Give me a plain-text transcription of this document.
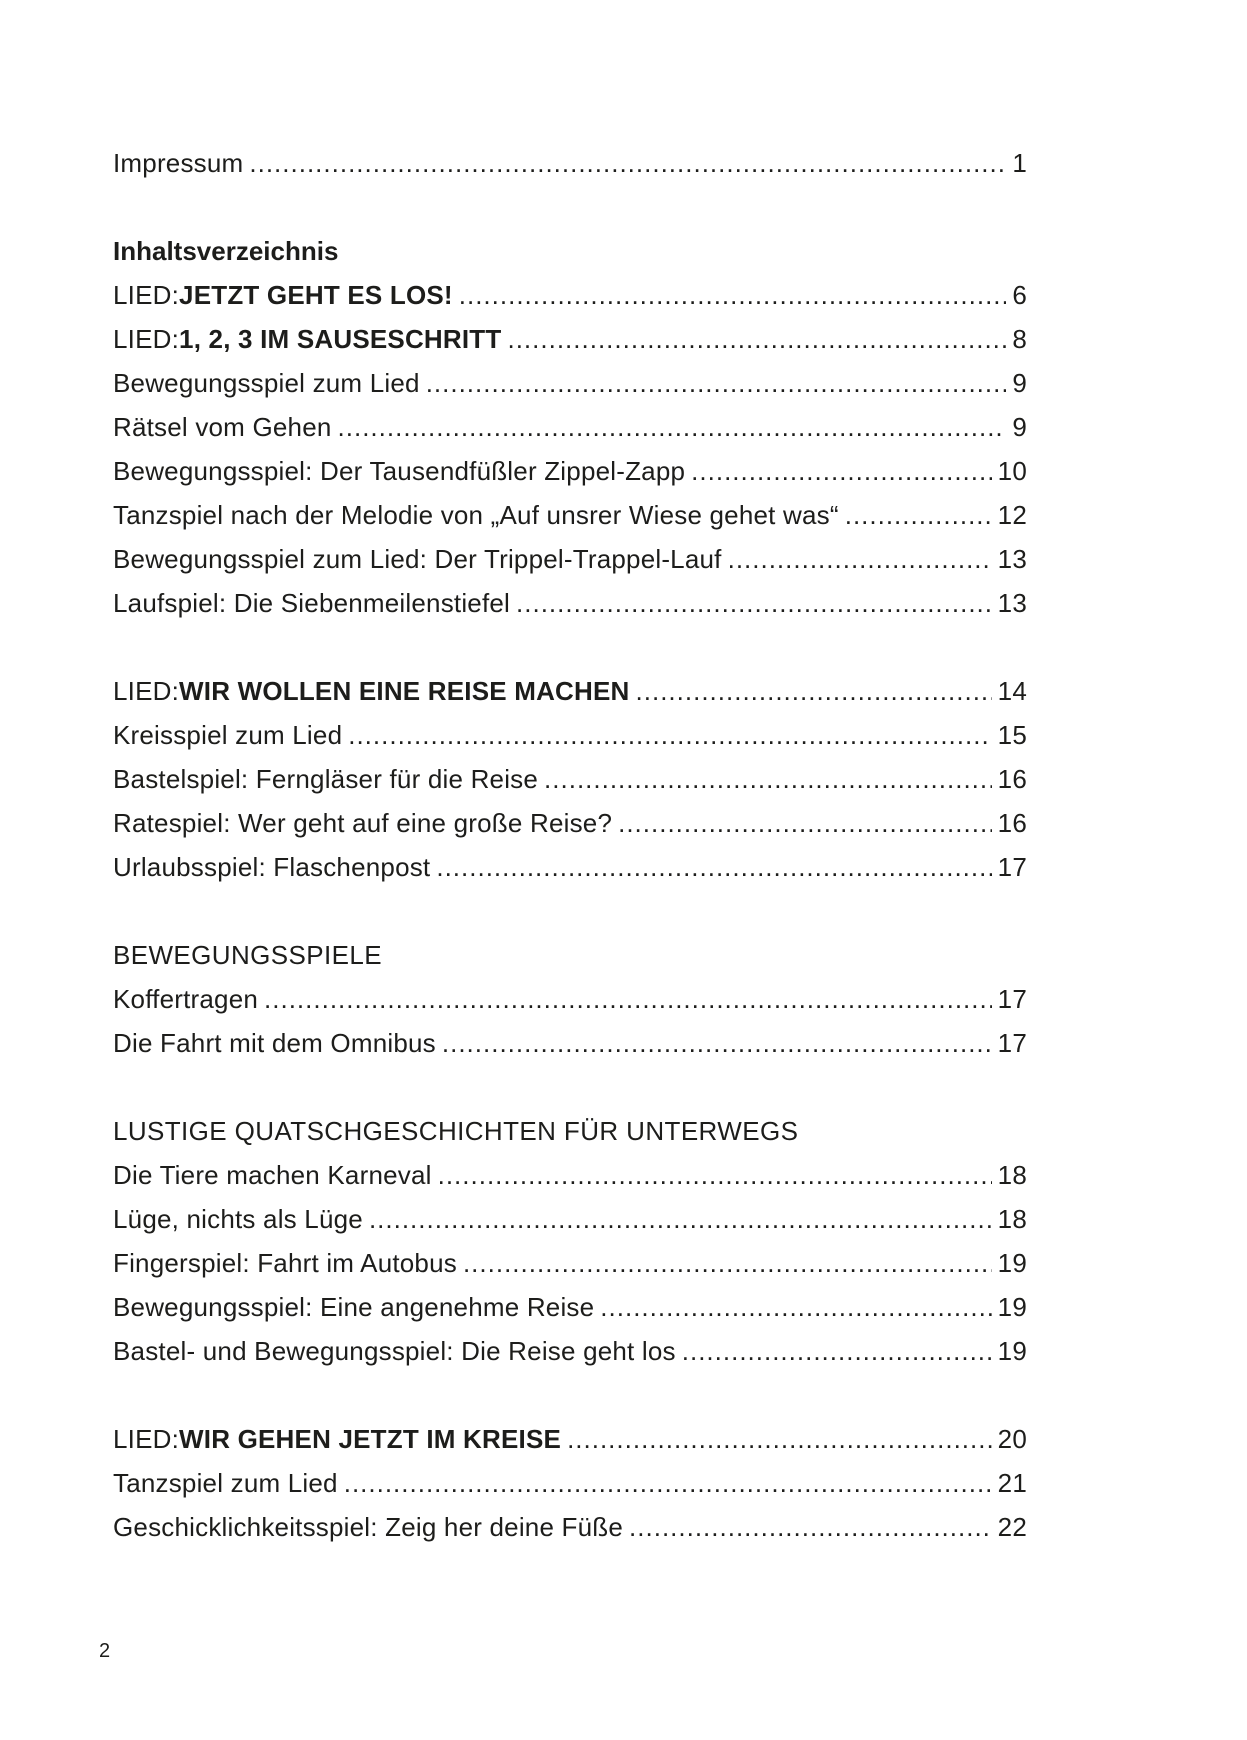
Impressum .....	1
Inhaltsverzeichnis
LIED: JETZT GEHT ES LOS! .....	6
LIED: 1, 2, 3 IM SAUSESCHRITT .....	8
Bewegungsspiel zum Lied .....	9
Rätsel vom Gehen .....	9
Bewegungsspiel: Der Tausendfüßler Zippel-Zapp .....	10
Tanzspiel nach der Melodie von „Auf unsrer Wiese gehet was“ .....	12
Bewegungsspiel zum Lied: Der Trippel-Trappel-Lauf .....	13
Laufspiel: Die Siebenmeilenstiefel .....	13
LIED: WIR WOLLEN EINE REISE MACHEN .....	14
Kreisspiel zum Lied .....	15
Bastelspiel: Ferngläser für die Reise .....	16
Ratespiel: Wer geht auf eine große Reise? .....	16
Urlaubsspiel: Flaschenpost .....	17
BEWEGUNGSSPIELE
Koffertragen .....	17
Die Fahrt mit dem Omnibus .....	17
LUSTIGE QUATSCHGESCHICHTEN FÜR UNTERWEGS
Die Tiere machen Karneval .....	18
Lüge, nichts als Lüge .....	18
Fingerspiel: Fahrt im Autobus .....	19
Bewegungsspiel: Eine angenehme Reise .....	19
Bastel- und Bewegungsspiel: Die Reise geht los .....	19
LIED: WIR GEHEN JETZT IM KREISE .....	20
Tanzspiel zum Lied .....	21
Geschicklichkeitsspiel: Zeig her deine Füße .....	22
2
